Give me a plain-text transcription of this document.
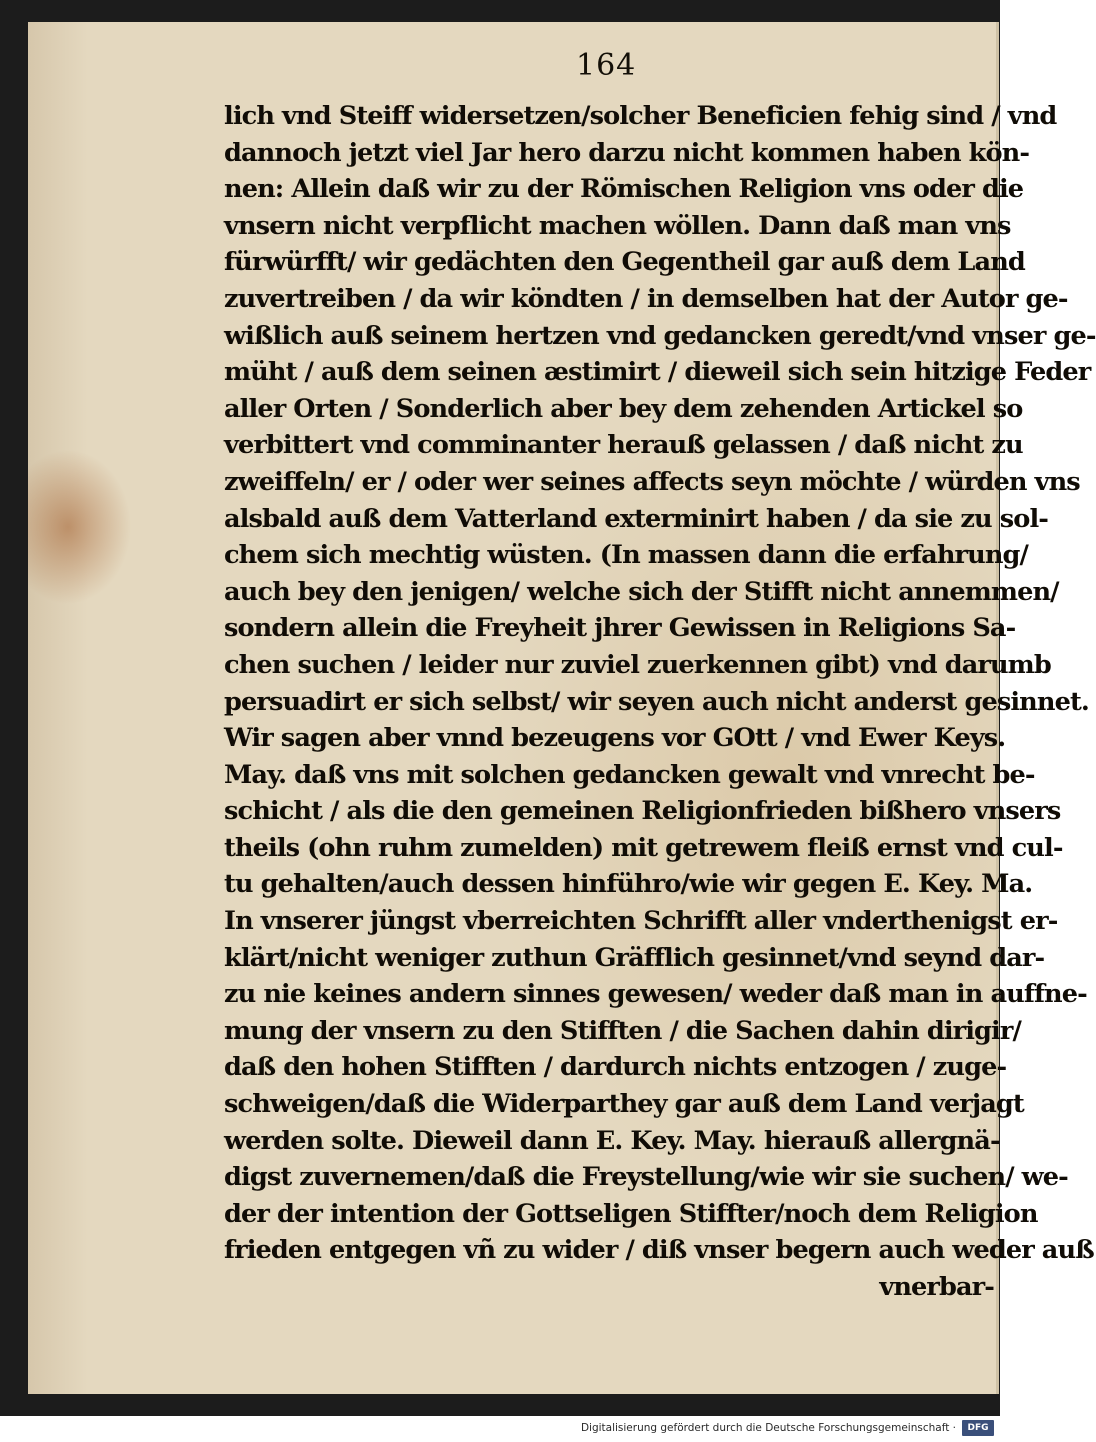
164
lich vnd Steiff widersetzen/solcher Beneficien fehig sind / vnd
dannoch jetzt viel Jar hero darzu nicht kommen haben kön-
nen: Allein daß wir zu der Römischen Religion vns oder die
vnsern nicht verpflicht machen wöllen. Dann daß man vns
fürwürfft/ wir gedächten den Gegentheil gar auß dem Land
zuvertreiben / da wir köndten / in demselben hat der Autor ge-
wißlich auß seinem hertzen vnd gedancken geredt/vnd vnser ge-
müht / auß dem seinen æstimirt / dieweil sich sein hitzige Feder
aller Orten / Sonderlich aber bey dem zehenden Artickel so
verbittert vnd comminanter herauß gelassen / daß nicht zu
zweiffeln/ er / oder wer seines affects seyn möchte / würden vns
alsbald auß dem Vatterland exterminirt haben / da sie zu sol-
chem sich mechtig wüsten. (In massen dann die erfahrung/
auch bey den jenigen/ welche sich der Stifft nicht annemmen/
sondern allein die Freyheit jhrer Gewissen in Religions Sa-
chen suchen / leider nur zuviel zuerkennen gibt) vnd darumb
persuadirt er sich selbst/ wir seyen auch nicht anderst gesinnet.
Wir sagen aber vnnd bezeugens vor GOtt / vnd Ewer Keys.
May. daß vns mit solchen gedancken gewalt vnd vnrecht be-
schicht / als die den gemeinen Religionfrieden bißhero vnsers
theils (ohn ruhm zumelden) mit getrewem fleiß ernst vnd cul-
tu gehalten/auch dessen hinführo/wie wir gegen E. Key. Ma.
In vnserer jüngst vberreichten Schrifft aller vnderthenigst er-
klärt/nicht weniger zuthun Gräfflich gesinnet/vnd seynd dar-
zu nie keines andern sinnes gewesen/ weder daß man in auffne-
mung der vnsern zu den Stifften / die Sachen dahin dirigir/
daß den hohen Stifften / dardurch nichts entzogen / zuge-
schweigen/daß die Widerparthey gar auß dem Land verjagt
werden solte. Dieweil dann E. Key. May. hierauß allergnä-
digst zuvernemen/daß die Freystellung/wie wir sie suchen/ we-
der der intention der Gottseligen Stiffter/noch dem Religion
frieden entgegen vñ zu wider / diß vnser begern auch weder auß
vnerbar-
Digitalisierung gefördert durch die Deutsche Forschungsgemeinschaft ·	DFG
